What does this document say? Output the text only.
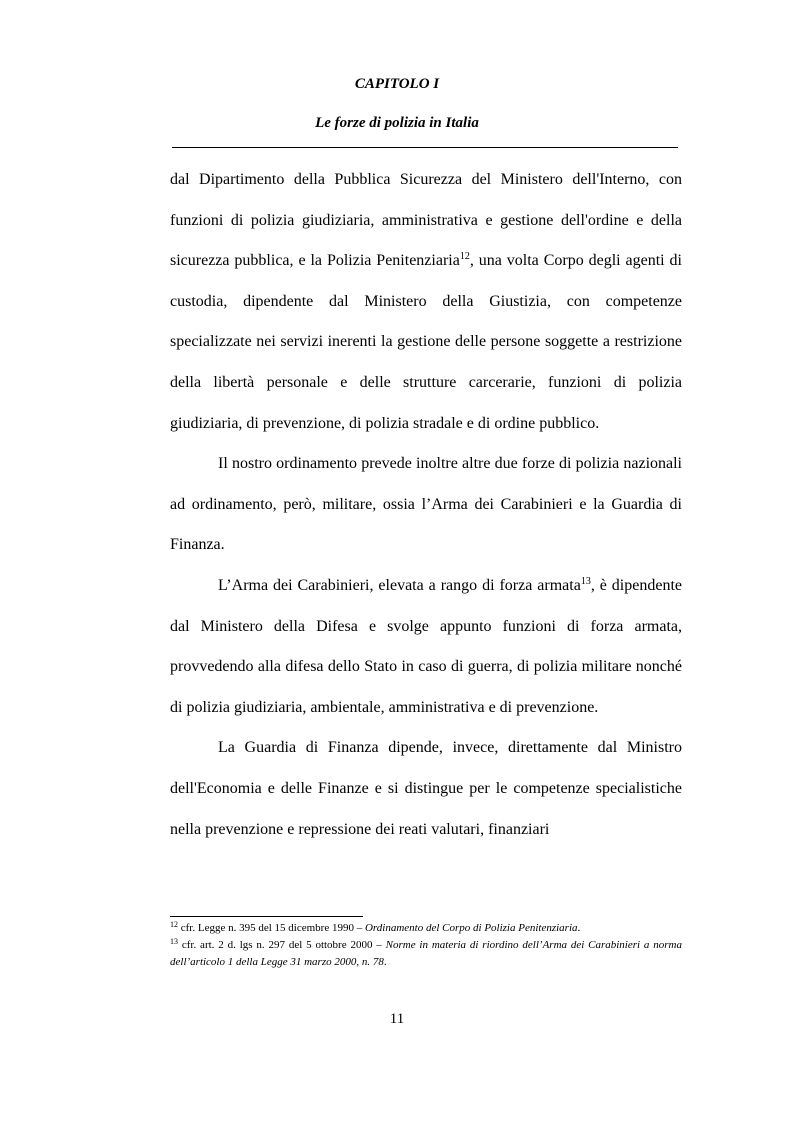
CAPITOLO I
Le forze di polizia in Italia

dal Dipartimento della Pubblica Sicurezza del Ministero dell'Interno, con funzioni di polizia giudiziaria, amministrativa e gestione dell'ordine e della sicurezza pubblica, e la Polizia Penitenziaria$^{12}$, una volta Corpo degli agenti di custodia, dipendente dal Ministero della Giustizia, con competenze specializzate nei servizi inerenti la gestione delle persone soggette a restrizione della libertà personale e delle strutture carcerarie, funzioni di polizia giudiziaria, di prevenzione, di polizia stradale e di ordine pubblico.

Il nostro ordinamento prevede inoltre altre due forze di polizia nazionali ad ordinamento, però, militare, ossia l’Arma dei Carabinieri e la Guardia di Finanza.

L’Arma dei Carabinieri, elevata a rango di forza armata$^{13}$, è dipendente dal Ministero della Difesa e svolge appunto funzioni di forza armata, provvedendo alla difesa dello Stato in caso di guerra, di polizia militare nonché di polizia giudiziaria, ambientale, amministrativa e di prevenzione.

La Guardia di Finanza dipende, invece, direttamente dal Ministro dell'Economia e delle Finanze e si distingue per le competenze specialistiche nella prevenzione e repressione dei reati valutari, finanziari

$^{12}$ cfr. Legge n. 395 del 15 dicembre 1990 – Ordinamento del Corpo di Polizia Penitenziaria.

$^{13}$ cfr. art. 2 d. lgs n. 297 del 5 ottobre 2000 – Norme in materia di riordino dell’Arma dei Carabinieri a norma dell’articolo 1 della Legge 31 marzo 2000, n. 78.

11
